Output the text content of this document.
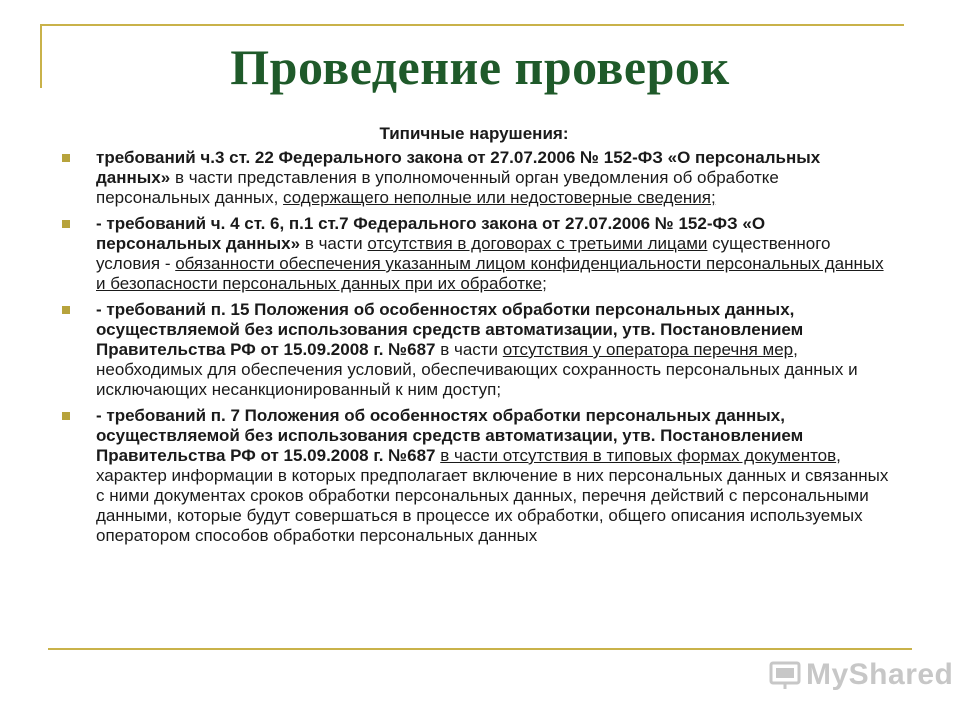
Проведение проверок
Типичные нарушения:
требований ч.3 ст. 22 Федерального закона от 27.07.2006 № 152-ФЗ «О персональных данных» в части представления в уполномоченный орган уведомления об обработке персональных данных, содержащего неполные или недостоверные сведения;
- требований ч. 4 ст. 6, п.1 ст.7 Федерального закона от 27.07.2006 № 152-ФЗ «О персональных данных» в части отсутствия в договорах с третьими лицами существенного условия - обязанности обеспечения указанным лицом конфиденциальности персональных данных и безопасности персональных данных при их обработке;
- требований п. 15 Положения об особенностях обработки персональных данных, осуществляемой без использования средств автоматизации, утв. Постановлением Правительства РФ от 15.09.2008 г. №687 в части отсутствия у оператора перечня мер, необходимых для обеспечения условий, обеспечивающих сохранность персональных данных и исключающих несанкционированный к ним доступ;
- требований п. 7 Положения об особенностях обработки персональных данных, осуществляемой без использования средств автоматизации, утв. Постановлением Правительства РФ от 15.09.2008 г. №687 в части отсутствия в типовых формах документов, характер информации в которых предполагает включение в них персональных данных и связанных с ними документах сроков обработки персональных данных, перечня действий с персональными данными, которые будут совершаться в процессе их обработки, общего описания используемых оператором способов обработки персональных данных
MyShared
